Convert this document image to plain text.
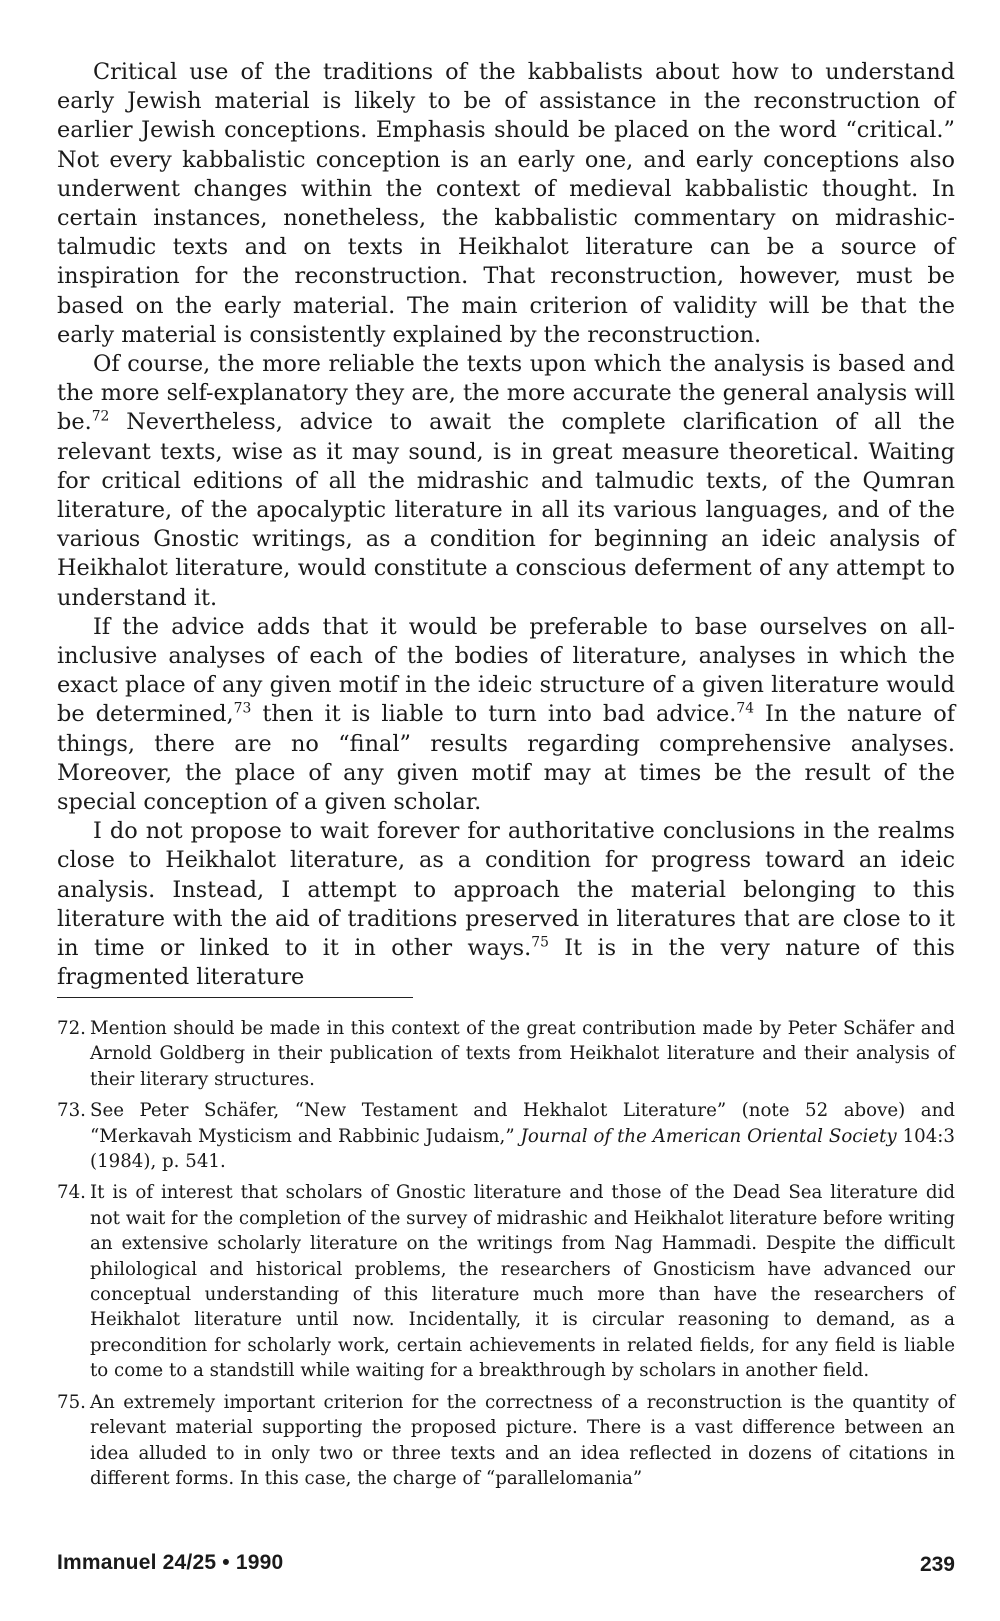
Critical use of the traditions of the kabbalists about how to understand early Jewish material is likely to be of assistance in the reconstruction of earlier Jewish conceptions. Emphasis should be placed on the word “critical.” Not every kabbalistic conception is an early one, and early conceptions also underwent changes within the context of medieval kabbalistic thought. In certain instances, nonetheless, the kabbalistic commentary on midrashic-talmudic texts and on texts in Heikhalot literature can be a source of inspiration for the reconstruction. That reconstruction, however, must be based on the early material. The main criterion of validity will be that the early material is consistently explained by the reconstruction.

Of course, the more reliable the texts upon which the analysis is based and the more self-explanatory they are, the more accurate the general analysis will be.$^{72}$ Nevertheless, advice to await the complete clarification of all the relevant texts, wise as it may sound, is in great measure theoretical. Waiting for critical editions of all the midrashic and talmudic texts, of the Qumran literature, of the apocalyptic literature in all its various languages, and of the various Gnostic writings, as a condition for beginning an ideic analysis of Heikhalot literature, would constitute a conscious deferment of any attempt to understand it.

If the advice adds that it would be preferable to base ourselves on all-inclusive analyses of each of the bodies of literature, analyses in which the exact place of any given motif in the ideic structure of a given literature would be determined,$^{73}$ then it is liable to turn into bad advice.$^{74}$ In the nature of things, there are no “final” results regarding comprehensive analyses. Moreover, the place of any given motif may at times be the result of the special conception of a given scholar.

I do not propose to wait forever for authoritative conclusions in the realms close to Heikhalot literature, as a condition for progress toward an ideic analysis. Instead, I attempt to approach the material belonging to this literature with the aid of traditions preserved in literatures that are close to it in time or linked to it in other ways.$^{75}$ It is in the very nature of this fragmented literature

72. Mention should be made in this context of the great contribution made by Peter Schäfer and Arnold Goldberg in their publication of texts from Heikhalot literature and their analysis of their literary structures.
73. See Peter Schäfer, “New Testament and Hekhalot Literature” (note 52 above) and “Merkavah Mysticism and Rabbinic Judaism,” Journal of the American Oriental Society 104:3 (1984), p. 541.
74. It is of interest that scholars of Gnostic literature and those of the Dead Sea literature did not wait for the completion of the survey of midrashic and Heikhalot literature before writing an extensive scholarly literature on the writings from Nag Hammadi. Despite the difficult philological and historical problems, the researchers of Gnosticism have advanced our conceptual understanding of this literature much more than have the researchers of Heikhalot literature until now. Incidentally, it is circular reasoning to demand, as a precondition for scholarly work, certain achievements in related fields, for any field is liable to come to a standstill while waiting for a breakthrough by scholars in another field.
75. An extremely important criterion for the correctness of a reconstruction is the quantity of relevant material supporting the proposed picture. There is a vast difference between an idea alluded to in only two or three texts and an idea reflected in dozens of citations in different forms. In this case, the charge of “parallelomania”
Immanuel 24/25 • 1990	239
